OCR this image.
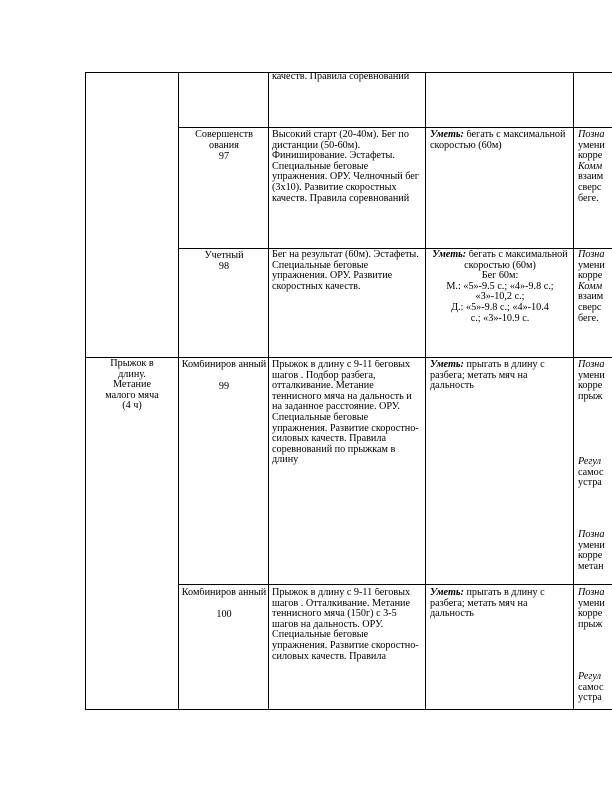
качеств. Правила соревнований
Совершенств ования
97
Высокий старт (20-40м). Бег по дистанции (50-60м). Финиширование. Эстафеты. Специальные беговые упражнения. ОРУ. Челночный бег (3х10). Развитие скоростных качеств. Правила соревнований
Уметь: бегать с максимальной скоростью (60м)
Позна
умени
корре
Комм
взаим
сверс
беге.
Учетный
98
Бег на результат (60м). Эстафеты. Специальные беговые упражнения. ОРУ. Развитие скоростных качеств.
Уметь: бегать с максимальной скоростью (60м)
Бег 60м:
М.: «5»-9.5 с.; «4»-9.8 с.;
«3»-10,2 с.;
Д.: «5»-9.8 с.; «4»-10.4
с.; «3»-10.9 с.
Позна
умени
корре
Комм
взаим
сверс
беге.
Прыжок в
длину.
Метание
малого мяча
(4 ч)
Комбиниров анный
99
Прыжок в длину с 9-11 беговых шагов . Подбор разбега, отталкивание. Метание теннисного мяча на дальность и на заданное расстояние. ОРУ. Специальные беговые упражнения. Развитие скоростно-силовых качеств. Правила соревнований по прыжкам в длину
Уметь: прыгать в длину с разбега; метать мяч на дальность
Позна
умени
корре
прыж
Регул
самос
устра
Позна
умени
корре
метан
Комбиниров анный
100
Прыжок в длину с 9-11 беговых шагов . Отталкивание. Метание теннисного мяча (150г) с 3-5 шагов на дальность. ОРУ. Специальные беговые упражнения. Развитие скоростно-силовых качеств. Правила
Уметь: прыгать в длину с разбега; метать мяч на дальность
Позна
умени
корре
прыж
Регул
самос
устра
